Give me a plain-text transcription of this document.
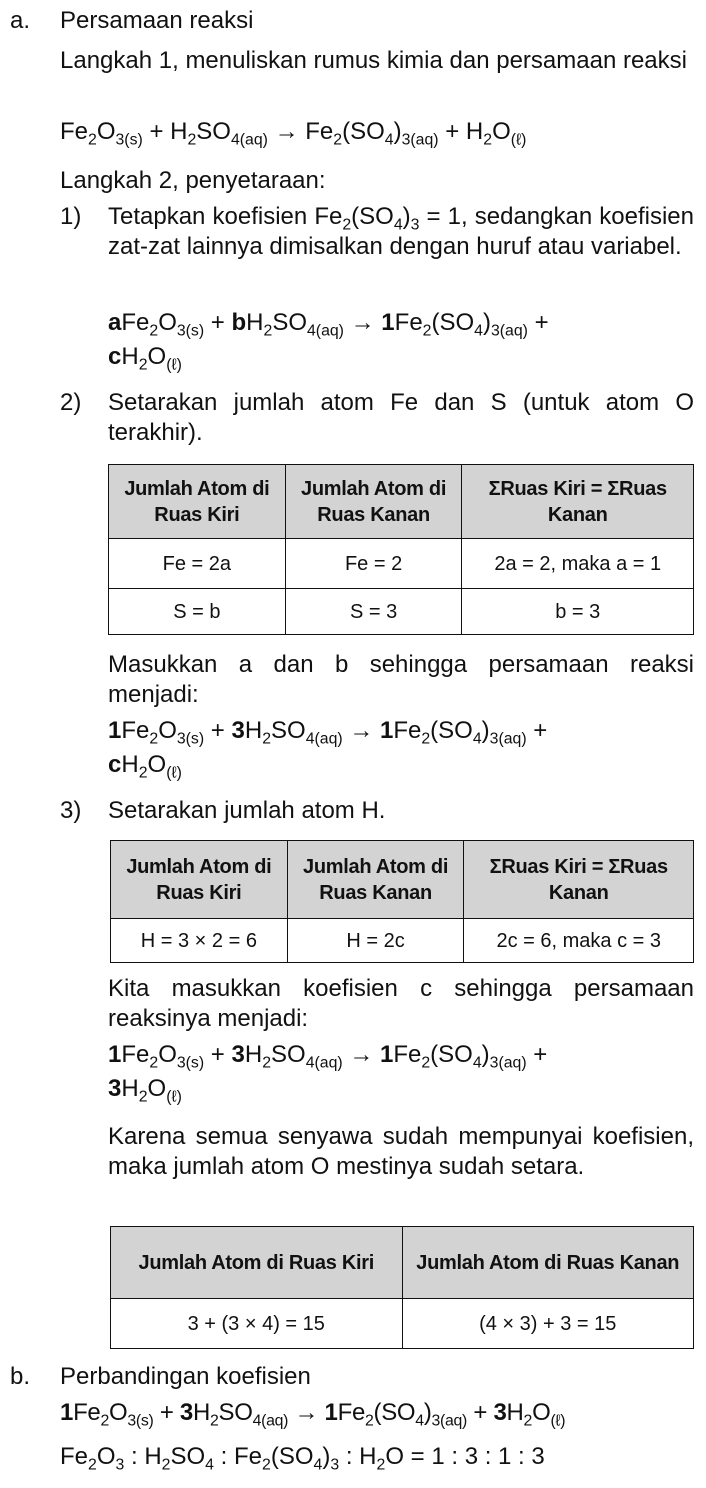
a.	Persamaan reaksi
Langkah 1, menuliskan rumus kimia dan persamaan reaksi
$Fe_2O_{3(s)} + H_2SO_{4(aq)} \to Fe_2(SO_4)_{3(aq)} + H_2O_{(\ell)}$
Langkah 2, penyetaraan:
1) Tetapkan koefisien $Fe_2(SO_4)_3 = 1$, sedangkan koefisien zat-zat lainnya dimisalkan dengan huruf atau variabel.
$aFe_2O_{3(s)} + bH_2SO_{4(aq)} \to 1Fe_2(SO_4)_{3(aq)}$ +
$cH_2O_{(\ell)}$
2) Setarakan jumlah atom Fe dan S (untuk atom O terakhir).
Jumlah Atom di Ruas Kiri	Jumlah Atom di Ruas Kanan	ΣRuas Kiri = ΣRuas Kanan
Fe = 2a	Fe = 2	2a = 2, maka a = 1
S = b	S = 3	b = 3
Masukkan a dan b sehingga persamaan reaksi menjadi:
$1Fe_2O_{3(s)} + 3H_2SO_{4(aq)} \to 1Fe_2(SO_4)_{3(aq)}$ +
$cH_2O_{(\ell)}$
3) Setarakan jumlah atom H.
Jumlah Atom di Ruas Kiri	Jumlah Atom di Ruas Kanan	ΣRuas Kiri = ΣRuas Kanan
H = 3 × 2 = 6	H = 2c	2c = 6, maka c = 3
Kita masukkan koefisien c sehingga persamaan reaksinya menjadi:
$1Fe_2O_{3(s)} + 3H_2SO_{4(aq)} \to 1Fe_2(SO_4)_{3(aq)}$ +
$3H_2O_{(\ell)}$
Karena semua senyawa sudah mempunyai koefisien, maka jumlah atom O mestinya sudah setara.
Jumlah Atom di Ruas Kiri	Jumlah Atom di Ruas Kanan
3 + (3 × 4) = 15	(4 × 3) + 3 = 15
b.	Perbandingan koefisien
$1Fe_2O_{3(s)} + 3H_2SO_{4(aq)} \to 1Fe_2(SO_4)_{3(aq)} + 3H_2O_{(\ell)}$
$Fe_2O_3$ : $H_2SO_4$ : $Fe_2(SO_4)_3$ : $H_2O = 1$ : 3 : 1 : 3
